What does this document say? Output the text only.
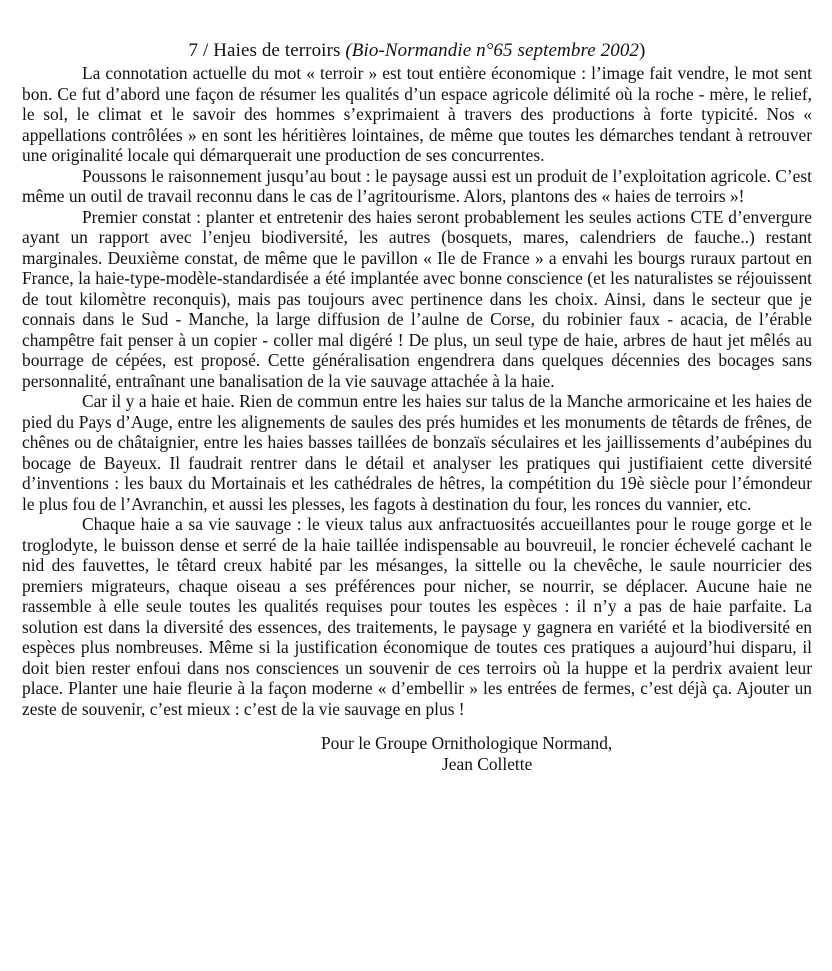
7 / Haies de terroirs (Bio-Normandie n°65 septembre 2002)

La connotation actuelle du mot « terroir » est tout entière économique : l’image fait vendre, le mot sent bon. Ce fut d’abord une façon de résumer les qualités d’un espace agricole délimité où la roche - mère, le relief, le sol, le climat et le savoir des hommes s’exprimaient à travers des productions à forte typicité. Nos « appellations contrôlées » en sont les héritières lointaines, de même que toutes les démarches tendant à retrouver une originalité locale qui démarquerait une production de ses concurrentes.

Poussons le raisonnement jusqu’au bout : le paysage aussi est un produit de l’exploitation agricole. C’est même un outil de travail reconnu dans le cas de l’agritourisme. Alors, plantons des « haies de terroirs »!

Premier constat : planter et entretenir des haies seront probablement les seules actions CTE d’envergure ayant un rapport avec l’enjeu biodiversité, les autres (bosquets, mares, calendriers de fauche..) restant marginales. Deuxième constat, de même que le pavillon « Ile de France » a envahi les bourgs ruraux partout en France, la haie-type-modèle-standardisée a été implantée avec bonne conscience (et les naturalistes se réjouissent de tout kilomètre reconquis), mais pas toujours avec pertinence dans les choix. Ainsi, dans le secteur que je connais dans le Sud - Manche, la large diffusion de l’aulne de Corse, du robinier faux - acacia, de l’érable champêtre fait penser à un copier - coller mal digéré ! De plus, un seul type de haie, arbres de haut jet mêlés au bourrage de cépées, est proposé. Cette généralisation engendrera dans quelques décennies des bocages sans personnalité, entraînant une banalisation de la vie sauvage attachée à la haie.

Car il y a haie et haie. Rien de commun entre les haies sur talus de la Manche armoricaine et les haies de pied du Pays d’Auge, entre les alignements de saules des prés humides et les monuments de têtards de frênes, de chênes ou de châtaignier, entre les haies basses taillées de bonzaïs séculaires et les jaillissements d’aubépines du bocage de Bayeux. Il faudrait rentrer dans le détail et analyser les pratiques qui justifiaient cette diversité d’inventions : les baux du Mortainais et les cathédrales de hêtres, la compétition du 19è siècle pour l’émondeur le plus fou de l’Avranchin, et aussi les plesses, les fagots à destination du four, les ronces du vannier, etc.

Chaque haie a sa vie sauvage : le vieux talus aux anfractuosités accueillantes pour le rouge gorge et le troglodyte, le buisson dense et serré de la haie taillée indispensable au bouvreuil, le roncier échevelé cachant le nid des fauvettes, le têtard creux habité par les mésanges, la sittelle ou la chevêche, le saule nourricier des premiers migrateurs, chaque oiseau a ses préférences pour nicher, se nourrir, se déplacer. Aucune haie ne rassemble à elle seule toutes les qualités requises pour toutes les espèces : il n’y a pas de haie parfaite. La solution est dans la diversité des essences, des traitements, le paysage y gagnera en variété et la biodiversité en espèces plus nombreuses. Même si la justification économique de toutes ces pratiques a aujourd’hui disparu, il doit bien rester enfoui dans nos consciences un souvenir de ces terroirs où la huppe et la perdrix avaient leur place. Planter une haie fleurie à la façon moderne « d’embellir » les entrées de fermes, c’est déjà ça. Ajouter un zeste de souvenir, c’est mieux : c’est de la vie sauvage en plus !

Pour le Groupe Ornithologique Normand,
Jean Collette
